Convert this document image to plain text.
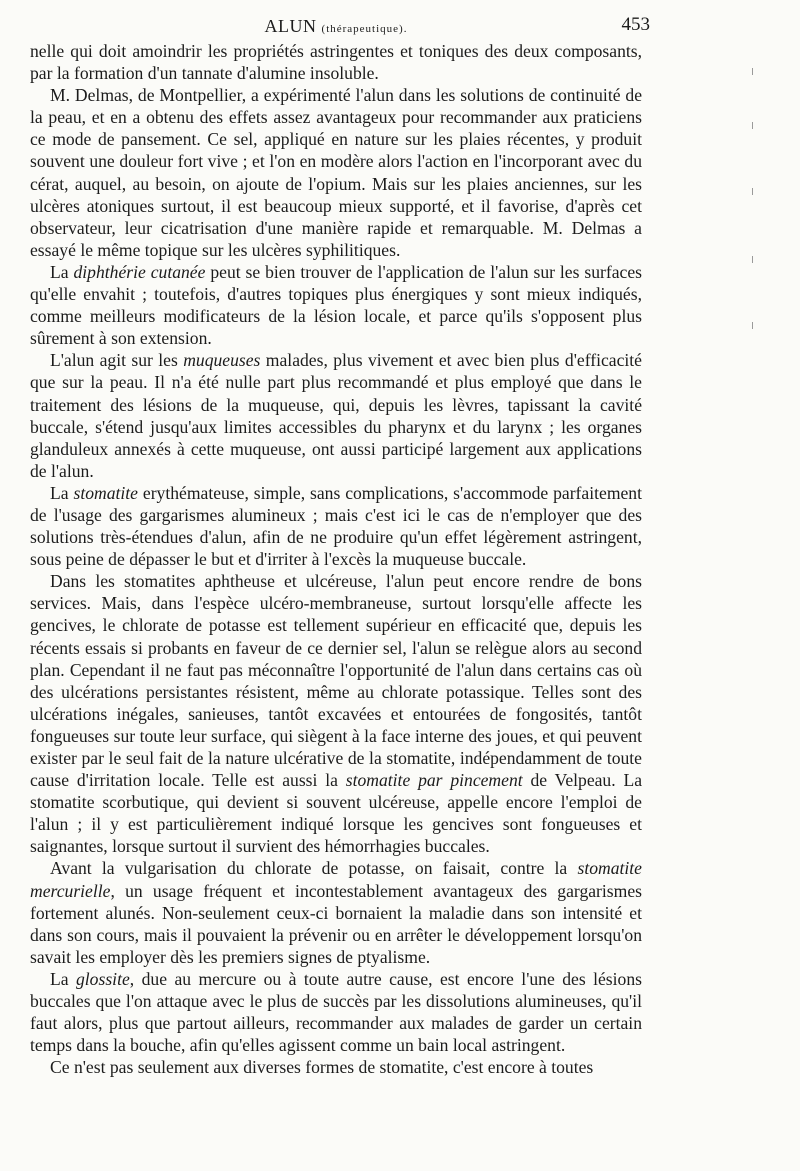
ALUN (thérapeutique).	453

nelle qui doit amoindrir les propriétés astringentes et toniques des deux composants, par la formation d'un tannate d'alumine insoluble.

M. Delmas, de Montpellier, a expérimenté l'alun dans les solutions de continuité de la peau, et en a obtenu des effets assez avantageux pour recommander aux praticiens ce mode de pansement. Ce sel, appliqué en nature sur les plaies récentes, y produit souvent une douleur fort vive ; et l'on en modère alors l'action en l'incorporant avec du cérat, auquel, au besoin, on ajoute de l'opium. Mais sur les plaies anciennes, sur les ulcères atoniques surtout, il est beaucoup mieux supporté, et il favorise, d'après cet observateur, leur cicatrisation d'une manière rapide et remarquable. M. Delmas a essayé le même topique sur les ulcères syphilitiques.

La diphthérie cutanée peut se bien trouver de l'application de l'alun sur les surfaces qu'elle envahit ; toutefois, d'autres topiques plus énergiques y sont mieux indiqués, comme meilleurs modificateurs de la lésion locale, et parce qu'ils s'opposent plus sûrement à son extension.

L'alun agit sur les muqueuses malades, plus vivement et avec bien plus d'efficacité que sur la peau. Il n'a été nulle part plus recommandé et plus employé que dans le traitement des lésions de la muqueuse, qui, depuis les lèvres, tapissant la cavité buccale, s'étend jusqu'aux limites accessibles du pharynx et du larynx ; les organes glanduleux annexés à cette muqueuse, ont aussi participé largement aux applications de l'alun.

La stomatite erythémateuse, simple, sans complications, s'accommode parfaitement de l'usage des gargarismes alumineux ; mais c'est ici le cas de n'employer que des solutions très-étendues d'alun, afin de ne produire qu'un effet légèrement astringent, sous peine de dépasser le but et d'irriter à l'excès la muqueuse buccale.

Dans les stomatites aphtheuse et ulcéreuse, l'alun peut encore rendre de bons services. Mais, dans l'espèce ulcéro-membraneuse, surtout lorsqu'elle affecte les gencives, le chlorate de potasse est tellement supérieur en efficacité que, depuis les récents essais si probants en faveur de ce dernier sel, l'alun se relègue alors au second plan. Cependant il ne faut pas méconnaître l'opportunité de l'alun dans certains cas où des ulcérations persistantes résistent, même au chlorate potassique. Telles sont des ulcérations inégales, sanieuses, tantôt excavées et entourées de fongosités, tantôt fongueuses sur toute leur surface, qui siègent à la face interne des joues, et qui peuvent exister par le seul fait de la nature ulcérative de la stomatite, indépendamment de toute cause d'irritation locale. Telle est aussi la stomatite par pincement de Velpeau. La stomatite scorbutique, qui devient si souvent ulcéreuse, appelle encore l'emploi de l'alun ; il y est particulièrement indiqué lorsque les gencives sont fongueuses et saignantes, lorsque surtout il survient des hémorrhagies buccales.

Avant la vulgarisation du chlorate de potasse, on faisait, contre la stomatite mercurielle, un usage fréquent et incontestablement avantageux des gargarismes fortement alunés. Non-seulement ceux-ci bornaient la maladie dans son intensité et dans son cours, mais il pouvaient la prévenir ou en arrêter le développement lorsqu'on savait les employer dès les premiers signes de ptyalisme.

La glossite, due au mercure ou à toute autre cause, est encore l'une des lésions buccales que l'on attaque avec le plus de succès par les dissolutions alumineuses, qu'il faut alors, plus que partout ailleurs, recommander aux malades de garder un certain temps dans la bouche, afin qu'elles agissent comme un bain local astringent.

Ce n'est pas seulement aux diverses formes de stomatite, c'est encore à toutes
